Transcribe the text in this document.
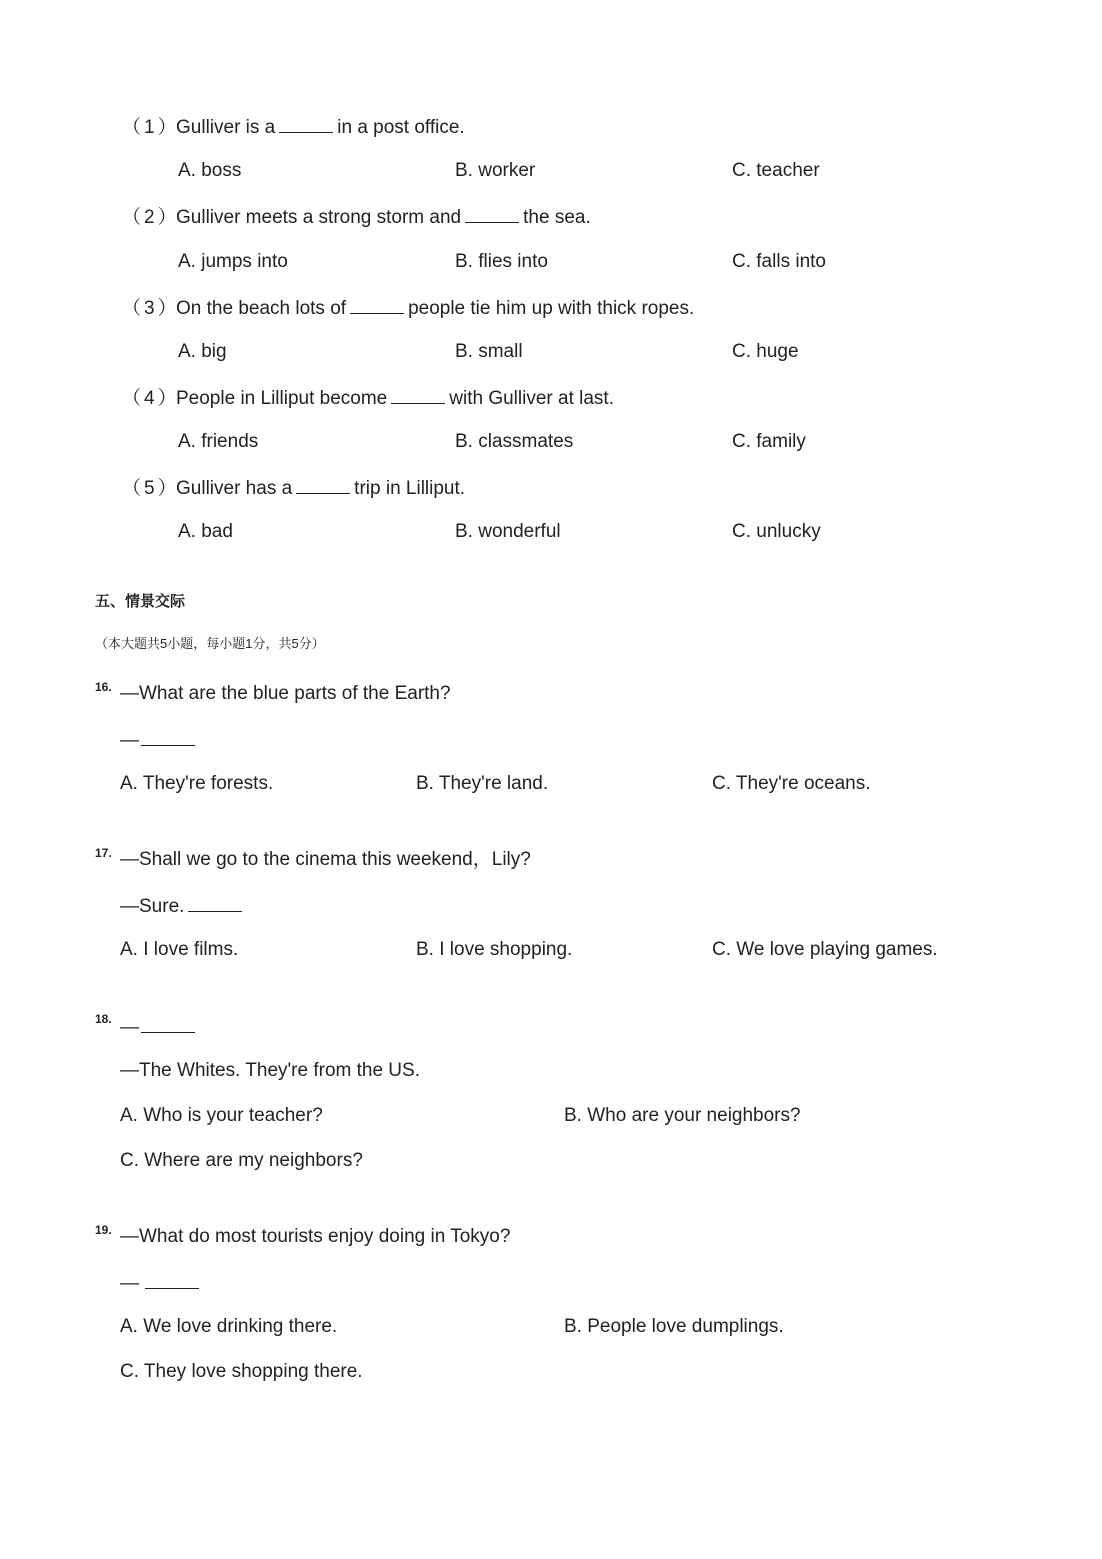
（1）Gulliver is a	in a post office.
A. boss	B. worker	C. teacher
（2）Gulliver meets a strong storm and	the sea.
A. jumps into	B. flies into	C. falls into
（3）On the beach lots of	people tie him up with thick ropes.
A. big	B. small	C. huge
（4）People in Lilliput become	with Gulliver at last.
A. friends	B. classmates	C. family
（5）Gulliver has a	trip in Lilliput.
A. bad	B. wonderful	C. unlucky
五、情景交际
（本大题共5小题，每小题1分，共5分）
16. —What are the blue parts of the Earth?
—
A. They're forests.	B. They're land.	C. They're oceans.
17. —Shall we go to the cinema this weekend，Lily?
—Sure.
A. I love films.	B. I love shopping.	C. We love playing games.
18. —
—The Whites. They're from the US.
A. Who is your teacher?	B. Who are your neighbors?
C. Where are my neighbors?
19. —What do most tourists enjoy doing in Tokyo?
—
A. We love drinking there.	B. People love dumplings.
C. They love shopping there.
